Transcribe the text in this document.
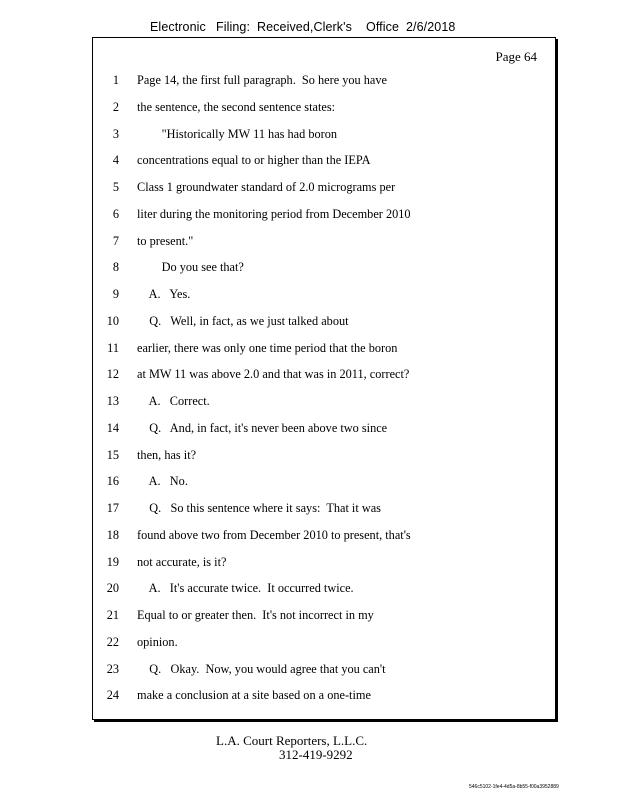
Electronic Filing: Received,Clerk's Office 2/6/2018
Page 64
1 Page 14, the first full paragraph.  So here you have
2 the sentence, the second sentence states:
3 "Historically MW 11 has had boron
4 concentrations equal to or higher than the IEPA
5 Class 1 groundwater standard of 2.0 micrograms per
6 liter during the monitoring period from December 2010
7 to present."
8 Do you see that?
9 A.   Yes.
10 Q.   Well, in fact, as we just talked about
11 earlier, there was only one time period that the boron
12 at MW 11 was above 2.0 and that was in 2011, correct?
13 A.   Correct.
14 Q.   And, in fact, it's never been above two since
15 then, has it?
16 A.   No.
17 Q.   So this sentence where it says:  That it was
18 found above two from December 2010 to present, that's
19 not accurate, is it?
20 A.   It's accurate twice.  It occurred twice.
21 Equal to or greater then.  It's not incorrect in my
22 opinion.
23 Q.   Okay.  Now, you would agree that you can't
24 make a conclusion at a site based on a one-time
L.A. Court Reporters, L.L.C.
312-419-9292
546c5102-1fe4-4d5a-8b55-f00a3952889
